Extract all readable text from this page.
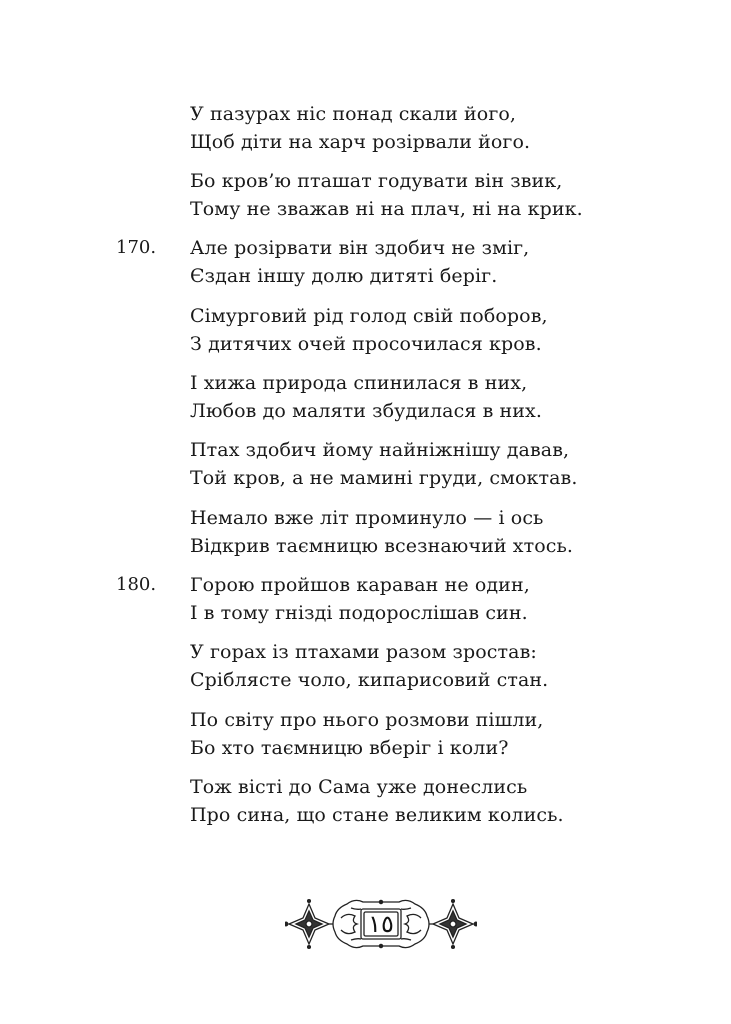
У пазурах ніс понад скали його,
Щоб діти на харч розірвали його.
Бо кров’ю пташат годувати він звик,
Тому не зважав ні на плач, ні на крик.
170. Але розірвати він здобич не зміг,
Єздан іншу долю дитяті беріг.
Сімурговий рід голод свій поборов,
З дитячих очей просочилася кров.
І хижа природа спинилася в них,
Любов до маляти збудилася в них.
Птах здобич йому найніжнішу давав,
Той кров, а не мамині груди, смоктав.
Немало вже літ проминуло — і ось
Відкрив таємницю всезнаючий хтось.
180. Горою пройшов караван не один,
І в тому гнізді подорослішав син.
У горах із птахами разом зростав:
Сріблясте чоло, кипарисовий стан.
По світу про нього розмови пішли,
Бо хто таємницю вберіг і коли?
Тож вісті до Сама уже донеслись
Про сина, що стане великим колись.
١٥
